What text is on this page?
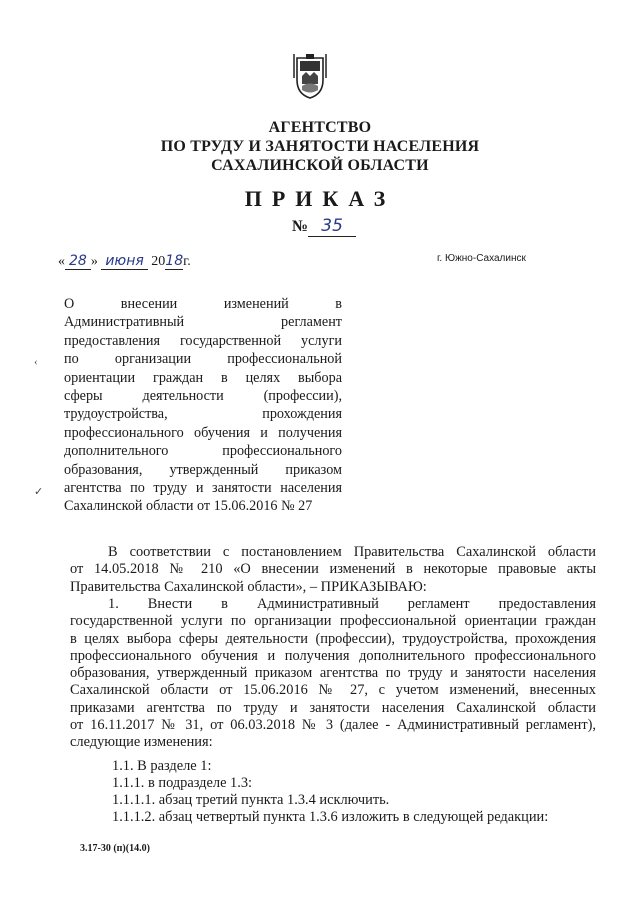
АГЕНТСТВО
ПО ТРУДУ И ЗАНЯТОСТИ НАСЕЛЕНИЯ
САХАЛИНСКОЙ ОБЛАСТИ
ПРИКАЗ
№ 35
« 28 » июня 2018г.	г. Южно-Сахалинск
О внесении изменений в
Административный регламент
предоставления государственной услуги
по организации профессиональной
ориентации граждан в целях выбора
сферы деятельности (профессии),
трудоустройства, прохождения
профессионального обучения и получения
дополнительного профессионального
образования, утвержденный приказом
агентства по труду и занятости населения
Сахалинской области от 15.06.2016 № 27
‹
✓
В соответствии с постановлением Правительства Сахалинской области
от 14.05.2018 № 210 «О внесении изменений в некоторые правовые акты
Правительства Сахалинской области», – ПРИКАЗЫВАЮ:
1. Внести в Административный регламент предоставления
государственной услуги по организации профессиональной ориентации граждан
в целях выбора сферы деятельности (профессии), трудоустройства, прохождения
профессионального обучения и получения дополнительного профессионального
образования, утвержденный приказом агентства по труду и занятости населения
Сахалинской области от 15.06.2016 № 27, с учетом изменений, внесенных
приказами агентства по труду и занятости населения Сахалинской области
от 16.11.2017 № 31, от 06.03.2018 № 3 (далее - Административный регламент),
следующие изменения:
1.1. В разделе 1:
1.1.1. в подразделе 1.3:
1.1.1.1. абзац третий пункта 1.3.4 исключить.
1.1.1.2. абзац четвертый пункта 1.3.6 изложить в следующей редакции:
3.17-30 (п)(14.0)
